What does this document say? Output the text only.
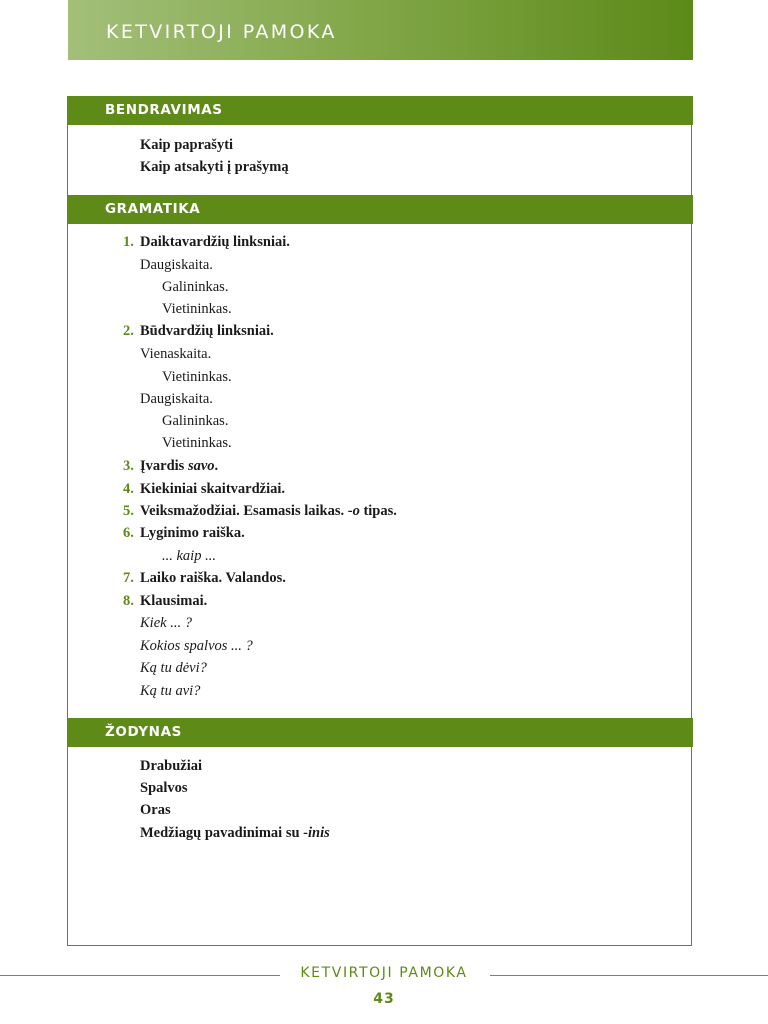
KETVIRTOJI PAMOKA
BENDRAVIMAS
Kaip paprašyti
Kaip atsakyti į prašymą
GRAMATIKA
1. Daiktavardžių linksniai.
Daugiskaita.
Galininkas.
Vietininkas.
2. Būdvardžių linksniai.
Vienaskaita.
Vietininkas.
Daugiskaita.
Galininkas.
Vietininkas.
3. Įvardis savo.
4. Kiekiniai skaitvardžiai.
5. Veiksmažodžiai. Esamasis laikas. -o tipas.
6. Lyginimo raiška.
... kaip ...
7. Laiko raiška. Valandos.
8. Klausimai.
Kiek ... ?
Kokios spalvos ... ?
Ką tu dėvi?
Ką tu avi?
ŽODYNAS
Drabužiai
Spalvos
Oras
Medžiagų pavadinimai su -inis
KETVIRTOJI PAMOKA
43
